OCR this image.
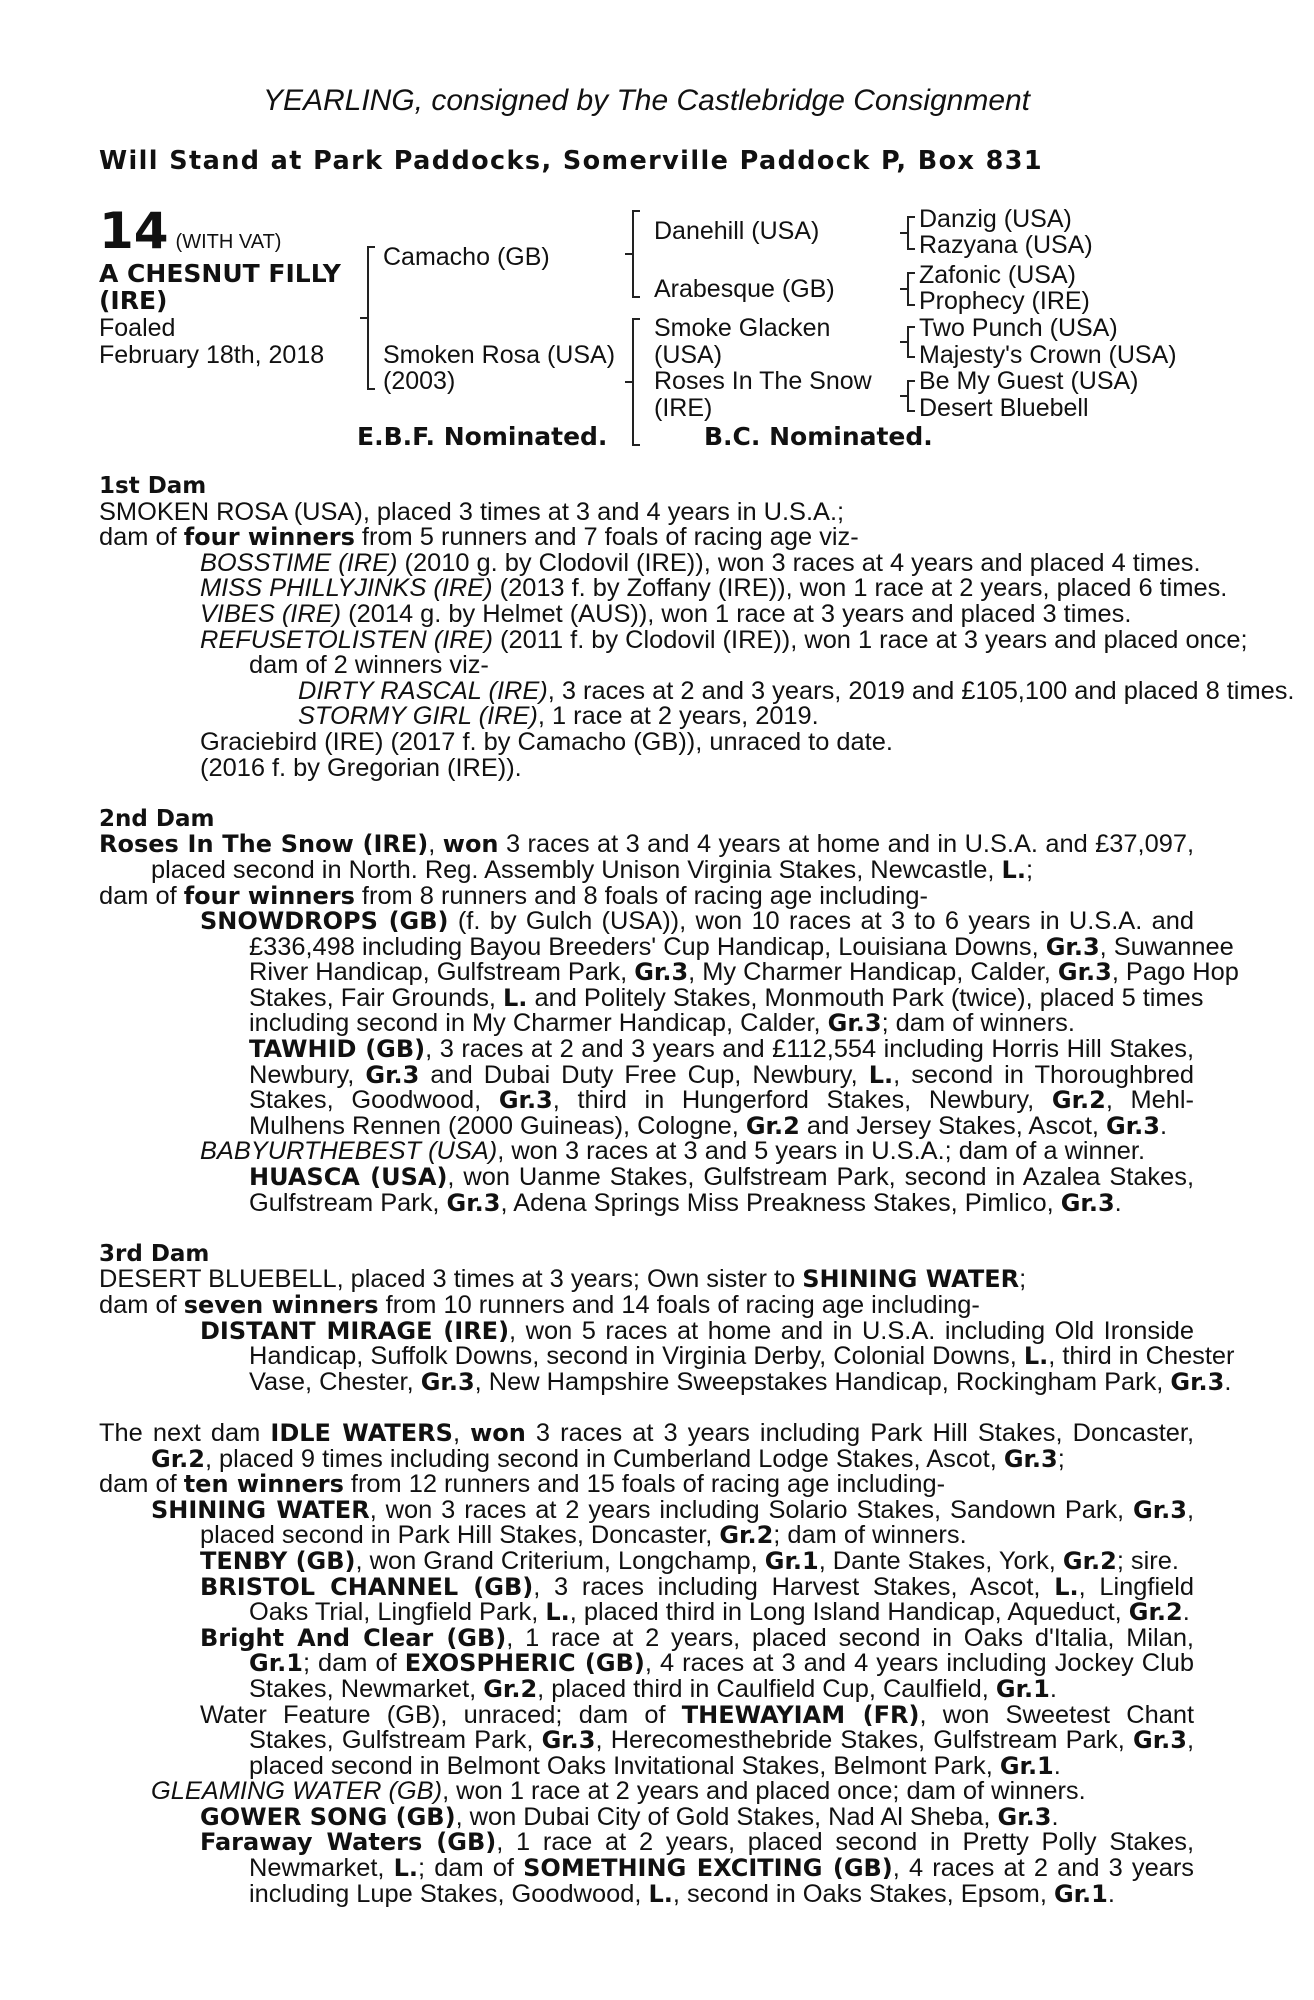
YEARLING, consigned by The Castlebridge Consignment
Will Stand at Park Paddocks, Somerville Paddock P, Box 831
14 (WITH VAT)
A CHESNUT FILLY
(IRE)
Foaled
February 18th, 2018
Camacho (GB)
Smoken Rosa (USA)
(2003)
Danehill (USA)
Arabesque (GB)
Smoke Glacken
(USA)
Roses In The Snow
(IRE)
Danzig (USA)
Razyana (USA)
Zafonic (USA)
Prophecy (IRE)
Two Punch (USA)
Majesty's Crown (USA)
Be My Guest (USA)
Desert Bluebell
E.B.F. Nominated.	B.C. Nominated.
1st Dam
SMOKEN ROSA (USA), placed 3 times at 3 and 4 years in U.S.A.;
dam of four winners from 5 runners and 7 foals of racing age viz-
BOSSTIME (IRE) (2010 g. by Clodovil (IRE)), won 3 races at 4 years and placed 4 times.
MISS PHILLYJINKS (IRE) (2013 f. by Zoffany (IRE)), won 1 race at 2 years, placed 6 times.
VIBES (IRE) (2014 g. by Helmet (AUS)), won 1 race at 3 years and placed 3 times.
REFUSETOLISTEN (IRE) (2011 f. by Clodovil (IRE)), won 1 race at 3 years and placed once;
dam of 2 winners viz-
DIRTY RASCAL (IRE), 3 races at 2 and 3 years, 2019 and £105,100 and placed 8 times.
STORMY GIRL (IRE), 1 race at 2 years, 2019.
Graciebird (IRE) (2017 f. by Camacho (GB)), unraced to date.
(2016 f. by Gregorian (IRE)).
2nd Dam
Roses In The Snow (IRE), won 3 races at 3 and 4 years at home and in U.S.A. and £37,097,
placed second in North. Reg. Assembly Unison Virginia Stakes, Newcastle, L.;
dam of four winners from 8 runners and 8 foals of racing age including-
SNOWDROPS (GB) (f. by Gulch (USA)), won 10 races at 3 to 6 years in U.S.A. and
£336,498 including Bayou Breeders' Cup Handicap, Louisiana Downs, Gr.3, Suwannee
River Handicap, Gulfstream Park, Gr.3, My Charmer Handicap, Calder, Gr.3, Pago Hop
Stakes, Fair Grounds, L. and Politely Stakes, Monmouth Park (twice), placed 5 times
including second in My Charmer Handicap, Calder, Gr.3; dam of winners.
TAWHID (GB), 3 races at 2 and 3 years and £112,554 including Horris Hill Stakes,
Newbury, Gr.3 and Dubai Duty Free Cup, Newbury, L., second in Thoroughbred
Stakes, Goodwood, Gr.3, third in Hungerford Stakes, Newbury, Gr.2, Mehl-
Mulhens Rennen (2000 Guineas), Cologne, Gr.2 and Jersey Stakes, Ascot, Gr.3.
BABYURTHEBEST (USA), won 3 races at 3 and 5 years in U.S.A.; dam of a winner.
HUASCA (USA), won Uanme Stakes, Gulfstream Park, second in Azalea Stakes,
Gulfstream Park, Gr.3, Adena Springs Miss Preakness Stakes, Pimlico, Gr.3.
3rd Dam
DESERT BLUEBELL, placed 3 times at 3 years; Own sister to SHINING WATER;
dam of seven winners from 10 runners and 14 foals of racing age including-
DISTANT MIRAGE (IRE), won 5 races at home and in U.S.A. including Old Ironside
Handicap, Suffolk Downs, second in Virginia Derby, Colonial Downs, L., third in Chester
Vase, Chester, Gr.3, New Hampshire Sweepstakes Handicap, Rockingham Park, Gr.3.
The next dam IDLE WATERS, won 3 races at 3 years including Park Hill Stakes, Doncaster,
Gr.2, placed 9 times including second in Cumberland Lodge Stakes, Ascot, Gr.3;
dam of ten winners from 12 runners and 15 foals of racing age including-
SHINING WATER, won 3 races at 2 years including Solario Stakes, Sandown Park, Gr.3,
placed second in Park Hill Stakes, Doncaster, Gr.2; dam of winners.
TENBY (GB), won Grand Criterium, Longchamp, Gr.1, Dante Stakes, York, Gr.2; sire.
BRISTOL CHANNEL (GB), 3 races including Harvest Stakes, Ascot, L., Lingfield
Oaks Trial, Lingfield Park, L., placed third in Long Island Handicap, Aqueduct, Gr.2.
Bright And Clear (GB), 1 race at 2 years, placed second in Oaks d'Italia, Milan,
Gr.1; dam of EXOSPHERIC (GB), 4 races at 3 and 4 years including Jockey Club
Stakes, Newmarket, Gr.2, placed third in Caulfield Cup, Caulfield, Gr.1.
Water Feature (GB), unraced; dam of THEWAYIAM (FR), won Sweetest Chant
Stakes, Gulfstream Park, Gr.3, Herecomesthebride Stakes, Gulfstream Park, Gr.3,
placed second in Belmont Oaks Invitational Stakes, Belmont Park, Gr.1.
GLEAMING WATER (GB), won 1 race at 2 years and placed once; dam of winners.
GOWER SONG (GB), won Dubai City of Gold Stakes, Nad Al Sheba, Gr.3.
Faraway Waters (GB), 1 race at 2 years, placed second in Pretty Polly Stakes,
Newmarket, L.; dam of SOMETHING EXCITING (GB), 4 races at 2 and 3 years
including Lupe Stakes, Goodwood, L., second in Oaks Stakes, Epsom, Gr.1.
